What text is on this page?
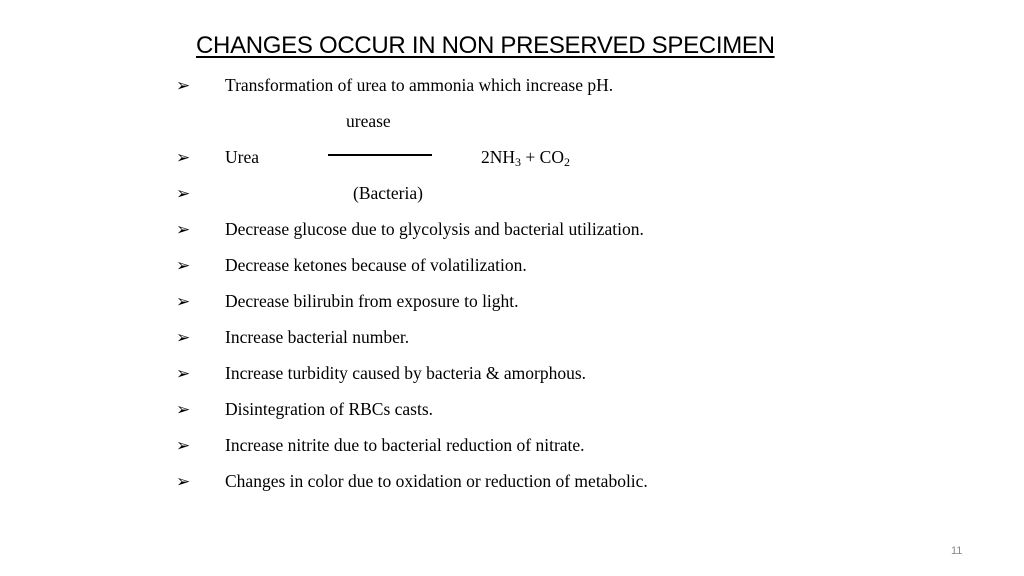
CHANGES OCCUR IN NON PRESERVED SPECIMEN
➢
➢
➢
➢
➢
➢
➢
➢
➢
➢
➢
Transformation of urea to ammonia which increase pH.
urease
Urea	$2NH_3 + CO_2$
(Bacteria)
Decrease glucose due to glycolysis and bacterial utilization.
Decrease ketones because of volatilization.
Decrease bilirubin from exposure to light.
Increase bacterial number.
Increase turbidity caused by bacteria & amorphous.
Disintegration of RBCs casts.
Increase nitrite due to bacterial reduction of nitrate.
Changes in color due to oxidation or reduction of metabolic.
11
